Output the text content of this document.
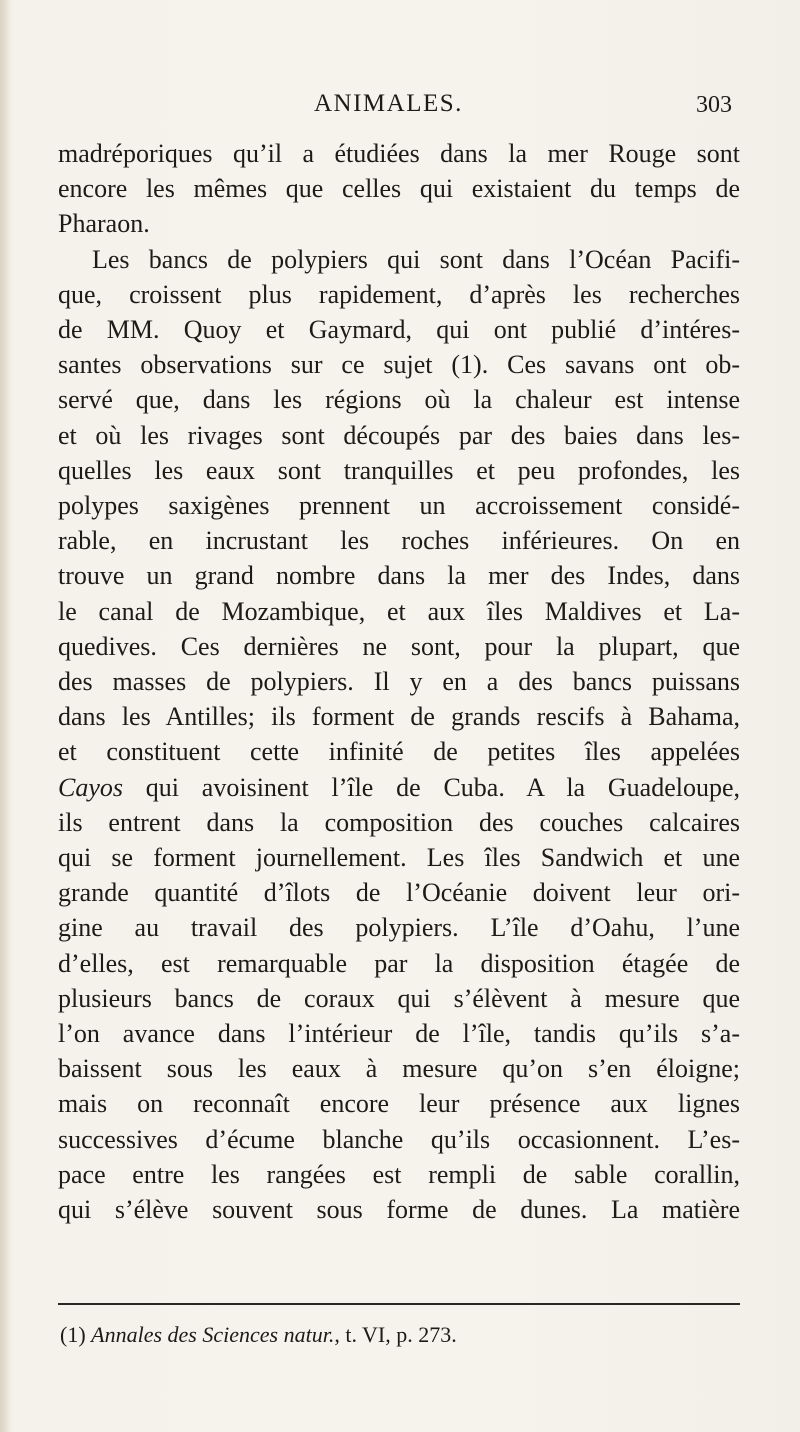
ANIMALES.	303
madréporiques qu’il a étudiées dans la mer Rouge sont
encore les mêmes que celles qui existaient du temps de
Pharaon.
Les bancs de polypiers qui sont dans l’Océan Pacifi-
que, croissent plus rapidement, d’après les recherches
de MM. Quoy et Gaymard, qui ont publié d’intéres-
santes observations sur ce sujet (1). Ces savans ont ob-
servé que, dans les régions où la chaleur est intense
et où les rivages sont découpés par des baies dans les-
quelles les eaux sont tranquilles et peu profondes, les
polypes saxigènes prennent un accroissement considé-
rable, en incrustant les roches inférieures. On en
trouve un grand nombre dans la mer des Indes, dans
le canal de Mozambique, et aux îles Maldives et La-
quedives. Ces dernières ne sont, pour la plupart, que
des masses de polypiers. Il y en a des bancs puissans
dans les Antilles; ils forment de grands rescifs à Bahama,
et constituent cette infinité de petites îles appelées
Cayos qui avoisinent l’île de Cuba. A la Guadeloupe,
ils entrent dans la composition des couches calcaires
qui se forment journellement. Les îles Sandwich et une
grande quantité d’îlots de l’Océanie doivent leur ori-
gine au travail des polypiers. L’île d’Oahu, l’une
d’elles, est remarquable par la disposition étagée de
plusieurs bancs de coraux qui s’élèvent à mesure que
l’on avance dans l’intérieur de l’île, tandis qu’ils s’a-
baissent sous les eaux à mesure qu’on s’en éloigne;
mais on reconnaît encore leur présence aux lignes
successives d’écume blanche qu’ils occasionnent. L’es-
pace entre les rangées est rempli de sable corallin,
qui s’élève souvent sous forme de dunes. La matière
(1) Annales des Sciences natur., t. VI, p. 273.
